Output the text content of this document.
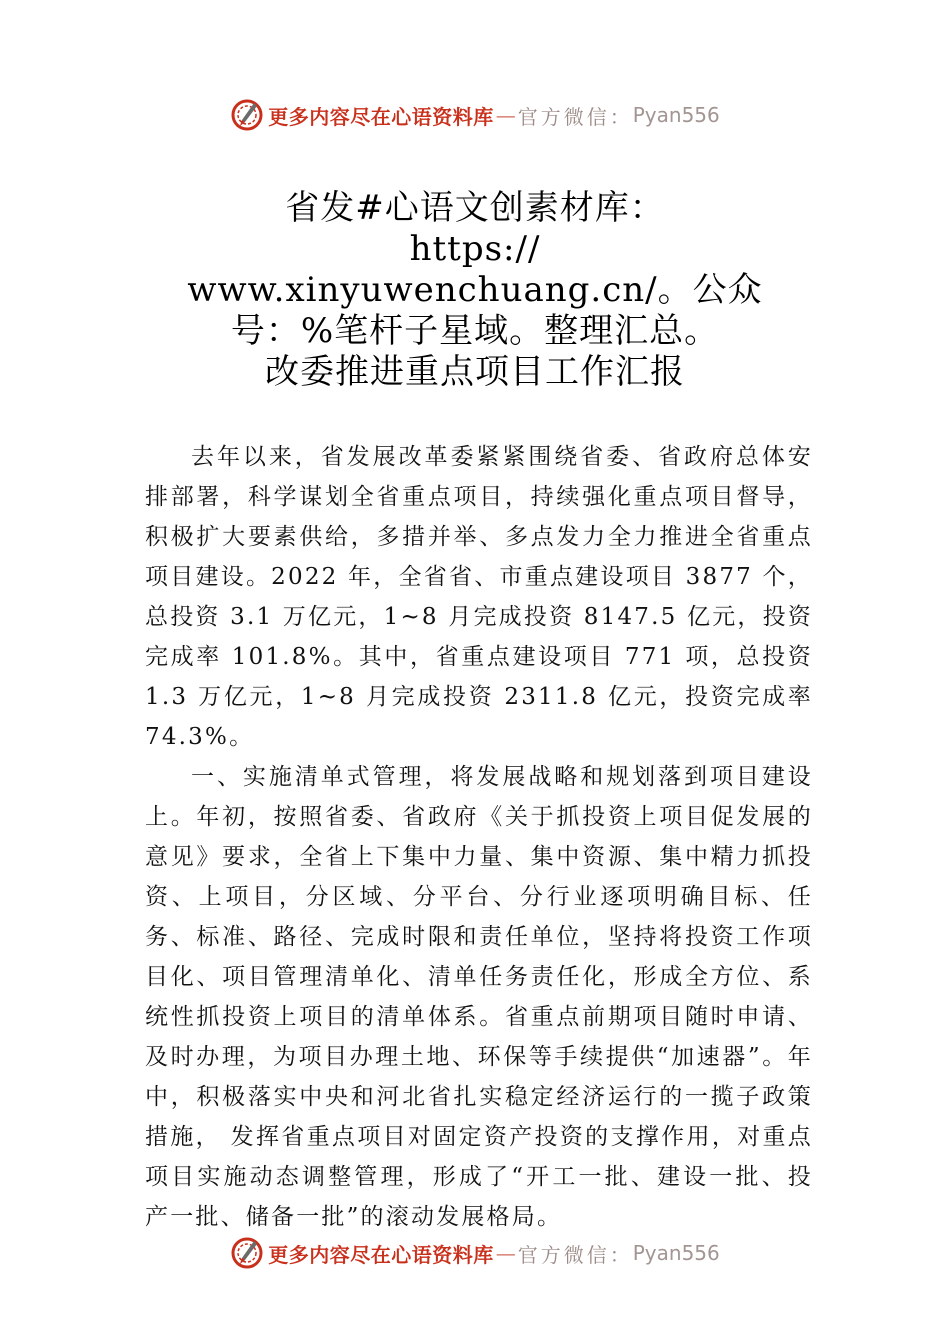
更多内容尽在心语资料库 — 官方微信： Pyan556
省发#心语文创素材库：
https://
www.xinyuwenchuang.cn/。公众
号：%笔杆子星域。整理汇总。
改委推进重点项目工作汇报

去年以来，省发展改革委紧紧围绕省委、省政府总体安排部署，科学谋划全省重点项目，持续强化重点项目督导， 积极扩大要素供给，多措并举、多点发力全力推进全省重点项目建设。2022 年，全省省、市重点建设项目 3877 个，总投资 3.1 万亿元，1~8 月完成投资 8147.5 亿元，投资完成率 101.8%。其中，省重点建设项目 771 项，总投资 1.3 万亿元，1~8 月完成投资 2311.8 亿元，投资完成率 74.3%。

一、实施清单式管理，将发展战略和规划落到项目建设上。年初，按照省委、省政府《关于抓投资上项目促发展的意见》要求，全省上下集中力量、集中资源、集中精力抓投资、上项目，分区域、分平台、分行业逐项明确目标、任务、标准、路径、完成时限和责任单位，坚持将投资工作项目化、项目管理清单化、清单任务责任化，形成全方位、系统性抓投资上项目的清单体系。省重点前期项目随时申请、及时办理，为项目办理土地、环保等手续提供“加速器”。年中，积极落实中央和河北省扎实稳定经济运行的一揽子政策措施， 发挥省重点项目对固定资产投资的支撑作用，对重点项目实施动态调整管理，形成了“开工一批、建设一批、投产一批、储备一批”的滚动发展格局。

更多内容尽在心语资料库 — 官方微信： Pyan556
